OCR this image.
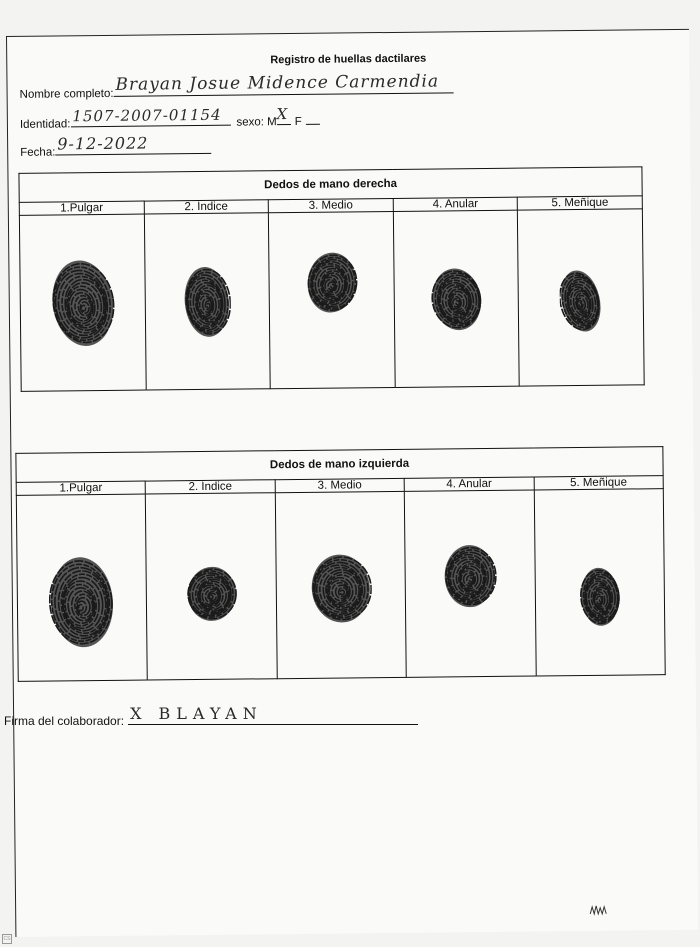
Registro de huellas dactilares
Nombre completo: Brayan Josue Midence Carmendia
Identidad: 1507-2007-01154 sexo: M X F
Fecha: 9-12-2022
Dedos de mano derecha				
1.Pulgar	2. Índice	3. Medio	4. Anular	5. Meñique

Dedos de mano izquierda				
1.Pulgar	2. Índice	3. Medio	4. Anular	5. Meñique

Firma del colaborador: X BLAYAN
CS
